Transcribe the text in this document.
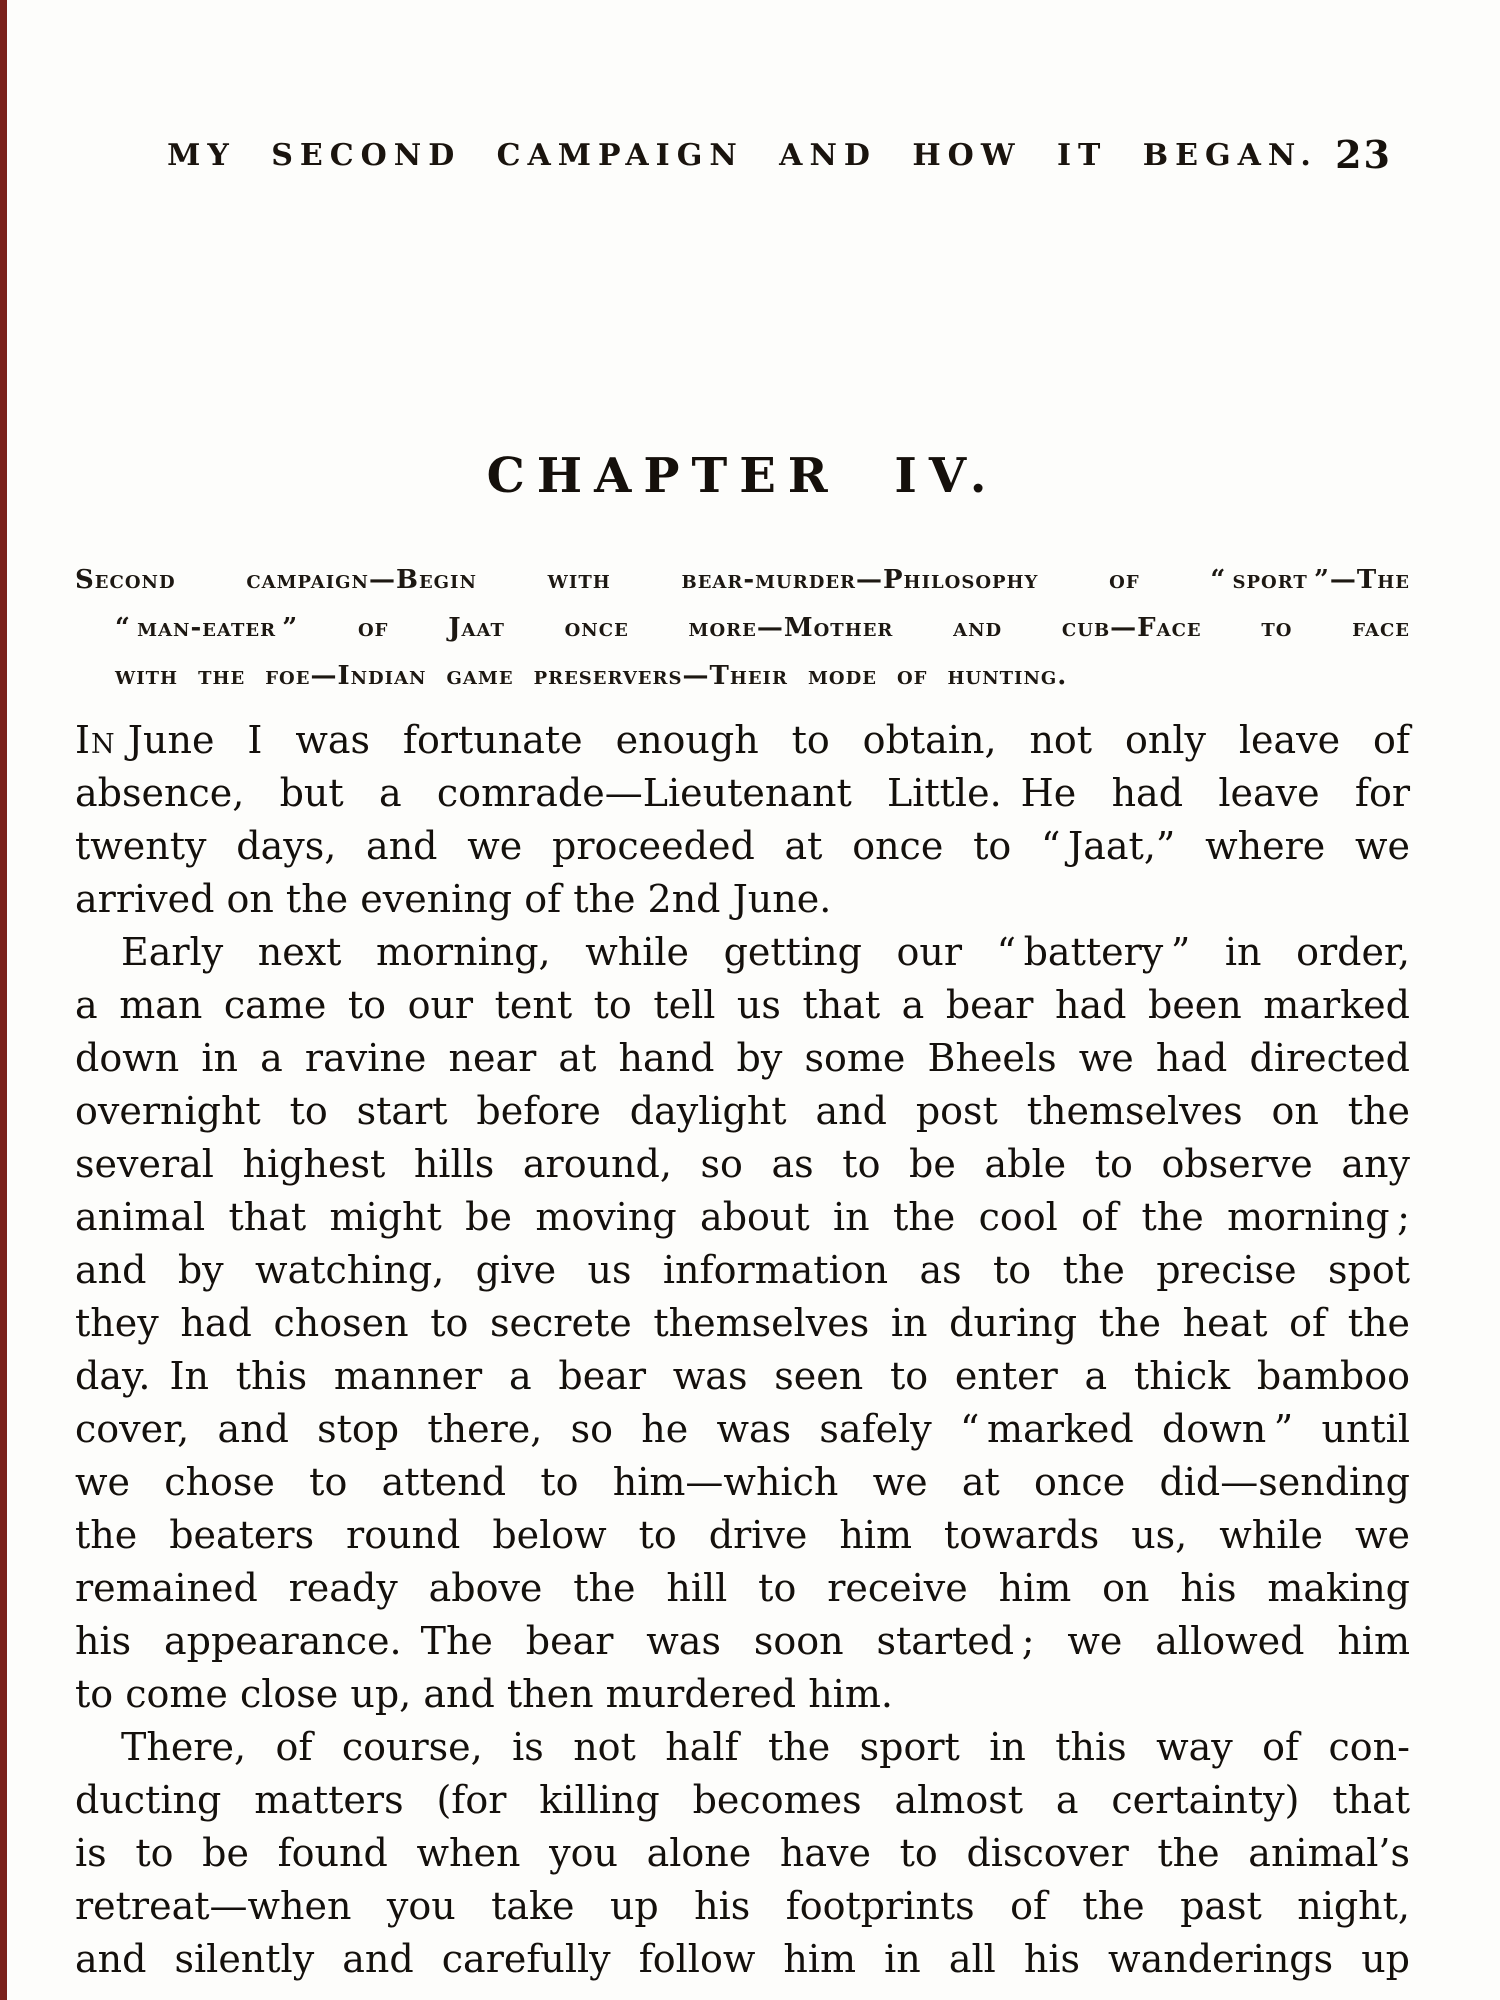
MY SECOND CAMPAIGN AND HOW IT BEGAN. 23
CHAPTER IV.
Second campaign—Begin with bear-murder—Philosophy of “ sport ”—The
“ man-eater ” of Jaat once more—Mother and cub—Face to face
with the foe—Indian game preservers—Their mode of hunting.
In June I was fortunate enough to obtain, not only leave of
absence, but a comrade—Lieutenant Little. He had leave for
twenty days, and we proceeded at once to “ Jaat,” where we
arrived on the evening of the 2nd June.
Early next morning, while getting our “ battery ” in order,
a man came to our tent to tell us that a bear had been marked
down in a ravine near at hand by some Bheels we had directed
overnight to start before daylight and post themselves on the
several highest hills around, so as to be able to observe any
animal that might be moving about in the cool of the morning ;
and by watching, give us information as to the precise spot
they had chosen to secrete themselves in during the heat of the
day. In this manner a bear was seen to enter a thick bamboo
cover, and stop there, so he was safely “ marked down ” until
we chose to attend to him—which we at once did—sending
the beaters round below to drive him towards us, while we
remained ready above the hill to receive him on his making
his appearance. The bear was soon started ; we allowed him
to come close up, and then murdered him.
There, of course, is not half the sport in this way of con-
ducting matters (for killing becomes almost a certainty) that
is to be found when you alone have to discover the animal’s
retreat—when you take up his footprints of the past night,
and silently and carefully follow him in all his wanderings up
